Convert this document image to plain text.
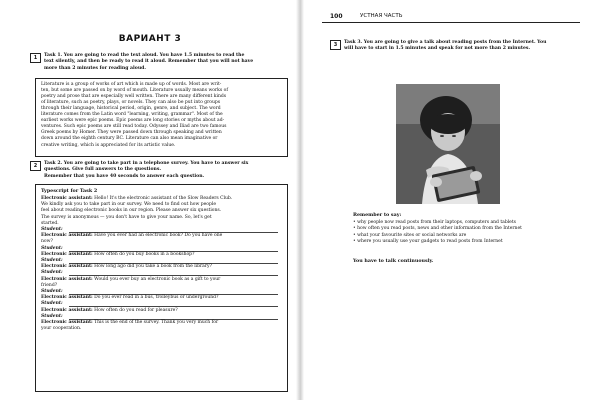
ВАРИАНТ 3
1	Task 1. You are going to read the text aloud. You have 1.5 minutes to read the

text silently, and then be ready to read it aloud. Remember that you will not have

more than 2 minutes for reading aloud.

Literature is a group of works of art which is made up of words. Most are writ-

ten, but some are passed on by word of mouth. Literature usually means works of

poetry and prose that are especially well written. There are many different kinds

of literature, such as poetry, plays, or novels. They can also be put into groups

through their language, historical period, origin, genre, and subject. The word

literature comes from the Latin word "learning, writing, grammar". Most of the

earliest works were epic poems. Epic poems are long stories or myths about ad-

ventures. Such epic poems are still read today. Odyssey and Iliad are two famous

Greek poems by Homer. They were passed down through speaking and written

down around the eighth century BC. Literature can also mean imaginative or

creative writing, which is appreciated for its artistic value.

2	Task 2. You are going to take part in a telephone survey. You have to answer six

questions. Give full answers to the questions.

Remember that you have 40 seconds to answer each question.

Typescript for Task 2

Electronic assistant: Hello! It's the electronic assistant of the Slow Readers Club.

We kindly ask you to take part in our survey. We need to find out how people

feel about reading electronic books in our region. Please answer six questions.

The survey is anonymous — you don't have to give your name. So, let's get

started.

Student:

Electronic assistant: Have you ever had an electronic book? Do you have one

now?

Student:

Electronic assistant: How often do you buy books in a bookshop?

Student:

Electronic assistant: How long ago did you take a book from the library?

Student:

Electronic assistant: Would you ever buy an electronic book as a gift to your

friend?

Student:

Electronic assistant: Do you ever read in a bus, trolleybus or underground?

Student:

Electronic assistant: How often do you read for pleasure?

Student:

Electronic assistant: This is the end of the survey. Thank you very much for

your cooperation.

100	УСТНАЯ ЧАСТЬ
3	Task 3. You are going to give a talk about reading posts from the Internet. You

will have to start in 1.5 minutes and speak for not more than 2 minutes.

Remember to say:
• why people now read posts from their laptops, computers and tablets
• how often you read posts, news and other information from the Internet
• what your favourite sites or social networks are
• where you usually use your gadgets to read posts from Internet
You have to talk continuously.
